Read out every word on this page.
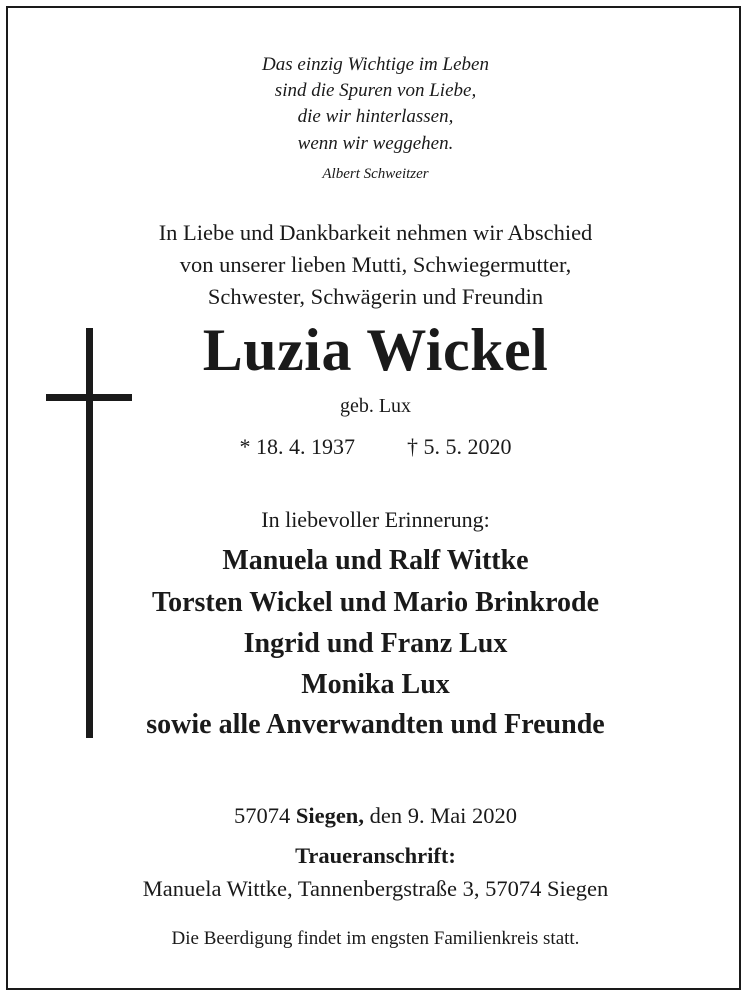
Das einzig Wichtige im Leben
sind die Spuren von Liebe,
die wir hinterlassen,
wenn wir weggehen.
Albert Schweitzer
In Liebe und Dankbarkeit nehmen wir Abschied
von unserer lieben Mutti, Schwiegermutter,
Schwester, Schwägerin und Freundin
Luzia Wickel
geb. Lux
* 18. 4. 1937 † 5. 5. 2020
In liebevoller Erinnerung:
Manuela und Ralf Wittke
Torsten Wickel und Mario Brinkrode
Ingrid und Franz Lux
Monika Lux
sowie alle Anverwandten und Freunde
57074 Siegen, den 9. Mai 2020
Traueranschrift:
Manuela Wittke, Tannenbergstraße 3, 57074 Siegen
Die Beerdigung findet im engsten Familienkreis statt.
